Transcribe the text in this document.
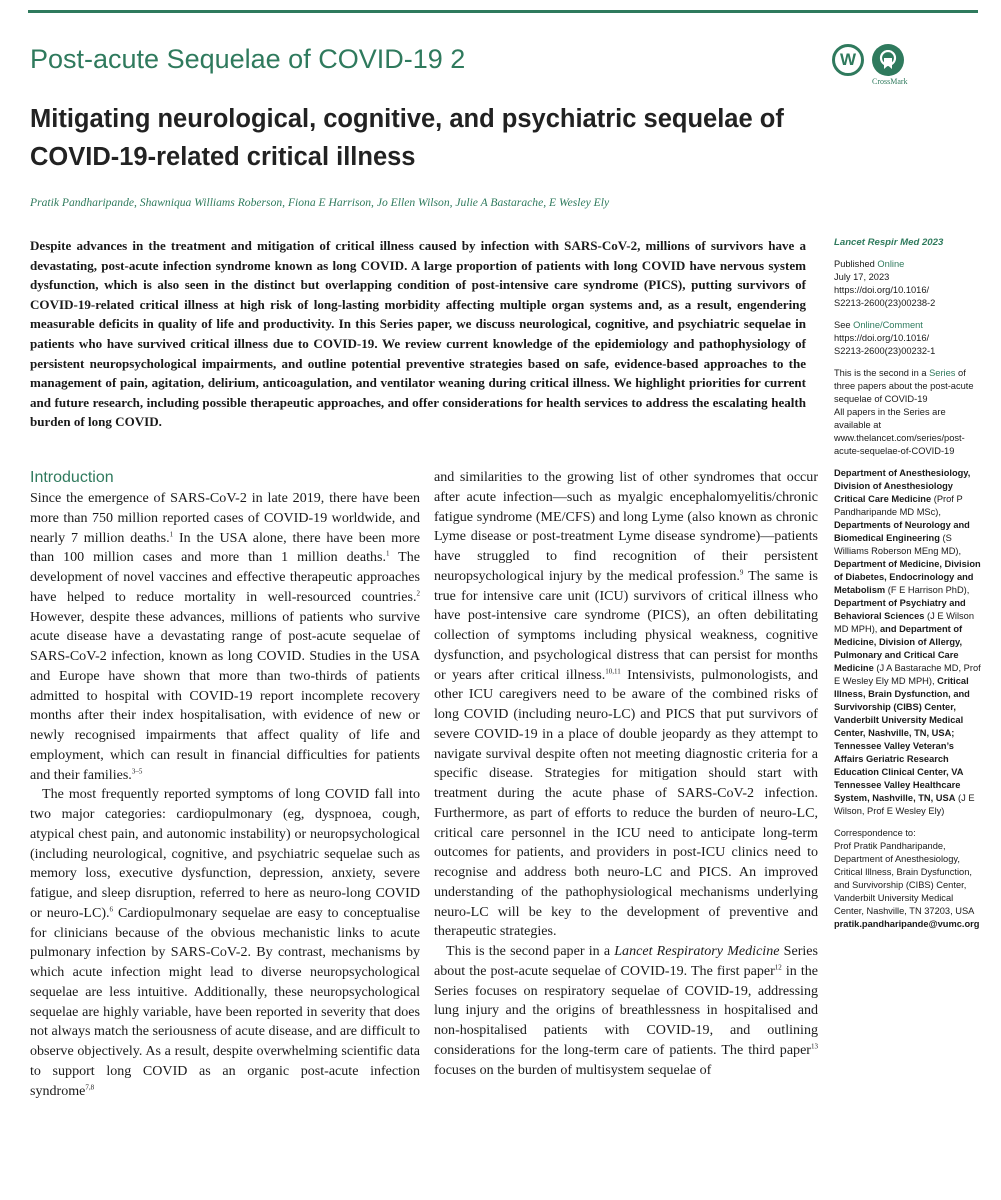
Post-acute Sequelae of COVID-19 2	W
CrossMark
Mitigating neurological, cognitive, and psychiatric sequelae of COVID-19-related critical illness
Pratik Pandharipande, Shawniqua Williams Roberson, Fiona E Harrison, Jo Ellen Wilson, Julie A Bastarache, E Wesley Ely

Despite advances in the treatment and mitigation of critical illness caused by infection with SARS-CoV-2, millions of survivors have a devastating, post-acute infection syndrome known as long COVID. A large proportion of patients with long COVID have nervous system dysfunction, which is also seen in the distinct but overlapping condition of post-intensive care syndrome (PICS), putting survivors of COVID-19-related critical illness at high risk of long-lasting morbidity affecting multiple organ systems and, as a result, engendering measurable deficits in quality of life and productivity. In this Series paper, we discuss neurological, cognitive, and psychiatric sequelae in patients who have survived critical illness due to COVID-19. We review current knowledge of the epidemiology and pathophysiology of persistent neuropsychological impairments, and outline potential preventive strategies based on safe, evidence-based approaches to the management of pain, agitation, delirium, anticoagulation, and ventilator weaning during critical illness. We highlight priorities for current and future research, including possible therapeutic approaches, and offer considerations for health services to address the escalating health burden of long COVID.

Introduction

Since the emergence of SARS-CoV-2 in late 2019, there have been more than 750 million reported cases of COVID-19 worldwide, and nearly 7 million deaths.$^1$ In the USA alone, there have been more than 100 million cases and more than 1 million deaths.$^1$ The development of novel vaccines and effective therapeutic approaches have helped to reduce mortality in well-resourced countries.$^2$ However, despite these advances, millions of patients who survive acute disease have a devastating range of post-acute sequelae of SARS-CoV-2 infection, known as long COVID. Studies in the USA and Europe have shown that more than two-thirds of patients admitted to hospital with COVID-19 report incomplete recovery months after their index hospitalisation, with evidence of new or newly recognised impairments that affect quality of life and employment, which can result in financial difficulties for patients and their families.$^{3-5}$

The most frequently reported symptoms of long COVID fall into two major categories: cardiopulmonary (eg, dyspnoea, cough, atypical chest pain, and autonomic instability) or neuropsychological (including neurological, cognitive, and psychiatric sequelae such as memory loss, executive dysfunction, depression, anxiety, severe fatigue, and sleep disruption, referred to here as neuro-long COVID or neuro-LC).$^6$ Cardiopulmonary sequelae are easy to conceptualise for clinicians because of the obvious mechanistic links to acute pulmonary infection by SARS-CoV-2. By contrast, mechanisms by which acute infection might lead to diverse neuropsychological sequelae are less intuitive. Additionally, these neuropsychological sequelae are highly variable, have been reported in severity that does not always match the seriousness of acute disease, and are difficult to observe objectively. As a result, despite overwhelming scientific data to support long COVID as an organic post-acute infection syndrome$^{7,8}$

and similarities to the growing list of other syndromes that occur after acute infection—such as myalgic encephalomyelitis/chronic fatigue syndrome (ME/CFS) and long Lyme (also known as chronic Lyme disease or post-treatment Lyme disease syndrome)—patients have struggled to find recognition of their persistent neuropsychological injury by the medical profession.$^9$ The same is true for intensive care unit (ICU) survivors of critical illness who have post-intensive care syndrome (PICS), an often debilitating collection of symptoms including physical weakness, cognitive dysfunction, and psychological distress that can persist for months or years after critical illness.$^{10,11}$ Intensivists, pulmonologists, and other ICU caregivers need to be aware of the combined risks of long COVID (including neuro-LC) and PICS that put survivors of severe COVID-19 in a place of double jeopardy as they attempt to navigate survival despite often not meeting diagnostic criteria for a specific disease. Strategies for mitigation should start with treatment during the acute phase of SARS-CoV-2 infection. Furthermore, as part of efforts to reduce the burden of neuro-LC, critical care personnel in the ICU need to anticipate long-term outcomes for patients, and providers in post-ICU clinics need to recognise and address both neuro-LC and PICS. An improved understanding of the pathophysiological mechanisms underlying neuro-LC will be key to the development of preventive and therapeutic strategies.

This is the second paper in a Lancet Respiratory Medicine Series about the post-acute sequelae of COVID-19. The first paper$^{12}$ in the Series focuses on respiratory sequelae of COVID-19, addressing lung injury and the origins of breathlessness in hospitalised and non-hospitalised patients with COVID-19, and outlining considerations for the long-term care of patients. The third paper$^{13}$ focuses on the burden of multisystem sequelae of

Lancet Respir Med 2023
Published Online
July 17, 2023
https://doi.org/10.1016/
S2213-2600(23)00238-2
See Online/Comment
https://doi.org/10.1016/
S2213-2600(23)00232-1
This is the second in a Series of three papers about the post-acute sequelae of COVID-19
All papers in the Series are available at www.thelancet.com/series/post-acute-sequelae-of-COVID-19
Department of Anesthesiology, Division of Anesthesiology Critical Care Medicine (Prof P Pandharipande MD MSc), Departments of Neurology and Biomedical Engineering (S Williams Roberson MEng MD), Department of Medicine, Division of Diabetes, Endocrinology and Metabolism (F E Harrison PhD), Department of Psychiatry and Behavioral Sciences (J E Wilson MD MPH), and Department of Medicine, Division of Allergy, Pulmonary and Critical Care Medicine (J A Bastarache MD, Prof E Wesley Ely MD MPH), Critical Illness, Brain Dysfunction, and Survivorship (CIBS) Center, Vanderbilt University Medical Center, Nashville, TN, USA; Tennessee Valley Veteran’s Affairs Geriatric Research Education Clinical Center, VA Tennessee Valley Healthcare System, Nashville, TN, USA (J E Wilson, Prof E Wesley Ely)
Correspondence to:
Prof Pratik Pandharipande, Department of Anesthesiology, Critical Illness, Brain Dysfunction, and Survivorship (CIBS) Center, Vanderbilt University Medical Center, Nashville, TN 37203, USA
pratik.pandharipande@vumc.org
